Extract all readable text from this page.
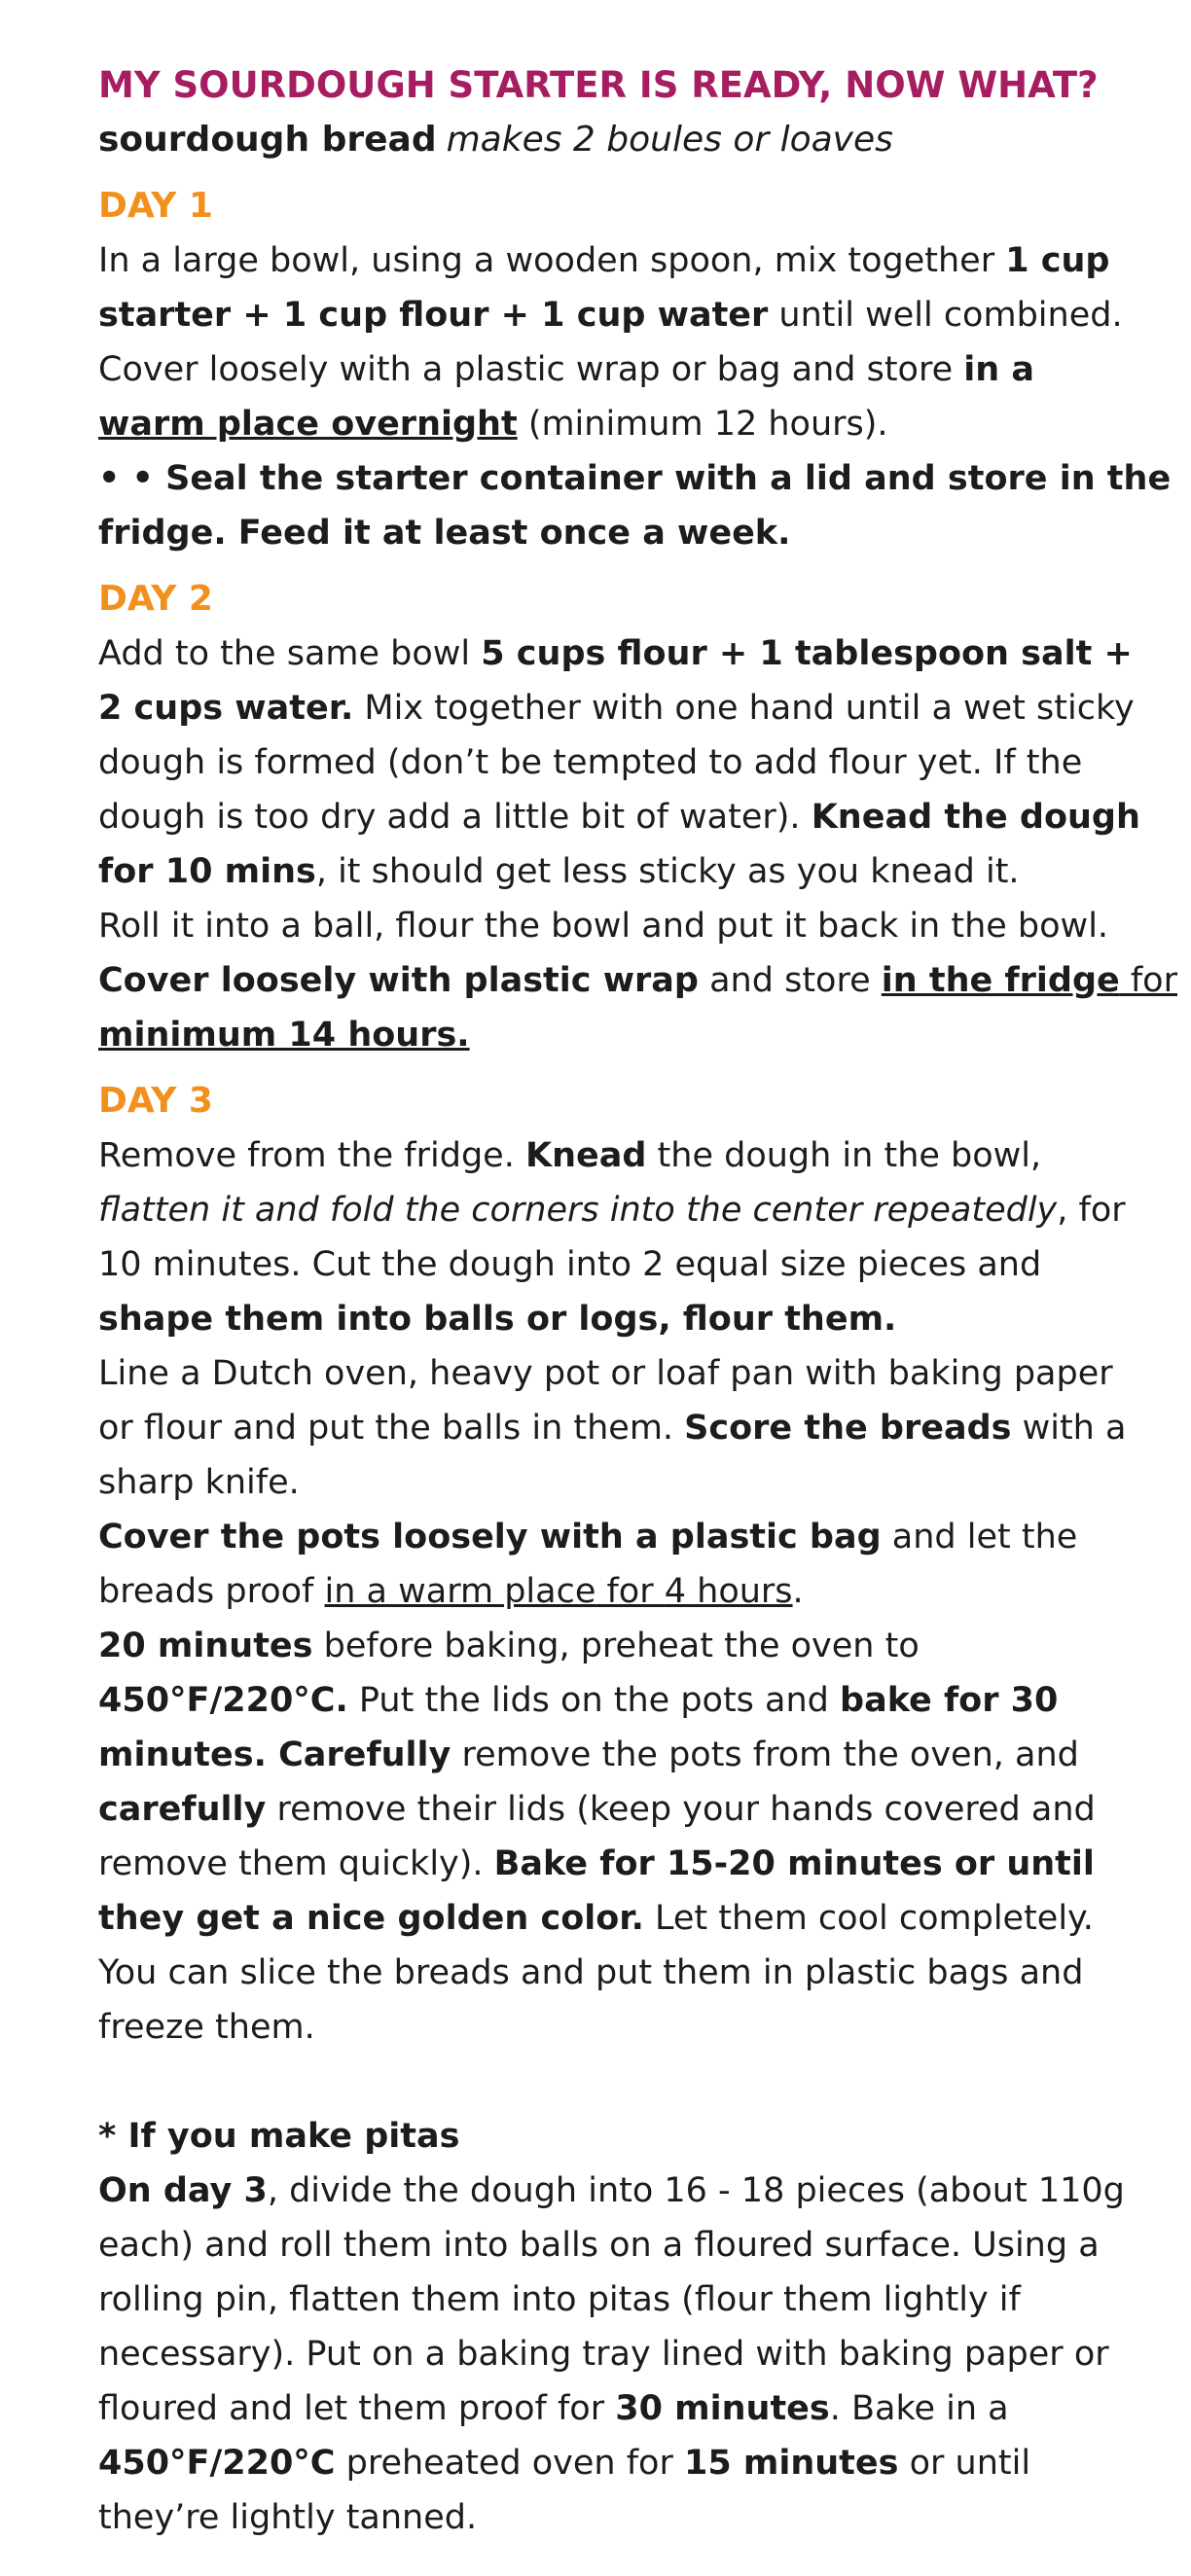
MY SOURDOUGH STARTER IS READY, NOW WHAT?
sourdough bread makes 2 boules or loaves
DAY 1
In a large bowl, using a wooden spoon, mix together 1 cup
starter + 1 cup flour + 1 cup water until well combined.
Cover loosely with a plastic wrap or bag and store in a
warm place overnight (minimum 12 hours).
• • Seal the starter container with a lid and store in the
fridge. Feed it at least once a week.
DAY 2
Add to the same bowl 5 cups flour + 1 tablespoon salt +
2 cups water. Mix together with one hand until a wet sticky
dough is formed (don’t be tempted to add flour yet. If the
dough is too dry add a little bit of water). Knead the dough
for 10 mins, it should get less sticky as you knead it.
Roll it into a ball, flour the bowl and put it back in the bowl.
Cover loosely with plastic wrap and store in the fridge for
minimum 14 hours.
DAY 3
Remove from the fridge. Knead the dough in the bowl,
flatten it and fold the corners into the center repeatedly, for
10 minutes. Cut the dough into 2 equal size pieces and
shape them into balls or logs, flour them.
Line a Dutch oven, heavy pot or loaf pan with baking paper
or flour and put the balls in them. Score the breads with a
sharp knife.
Cover the pots loosely with a plastic bag and let the
breads proof in a warm place for 4 hours.
20 minutes before baking, preheat the oven to
450°F/220°C. Put the lids on the pots and bake for 30
minutes. Carefully remove the pots from the oven, and
carefully remove their lids (keep your hands covered and
remove them quickly). Bake for 15-20 minutes or until
they get a nice golden color. Let them cool completely.
You can slice the breads and put them in plastic bags and
freeze them.
* If you make pitas
On day 3, divide the dough into 16 - 18 pieces (about 110g
each) and roll them into balls on a floured surface. Using a
rolling pin, flatten them into pitas (flour them lightly if
necessary). Put on a baking tray lined with baking paper or
floured and let them proof for 30 minutes. Bake in a
450°F/220°C preheated oven for 15 minutes or until
they’re lightly tanned.
